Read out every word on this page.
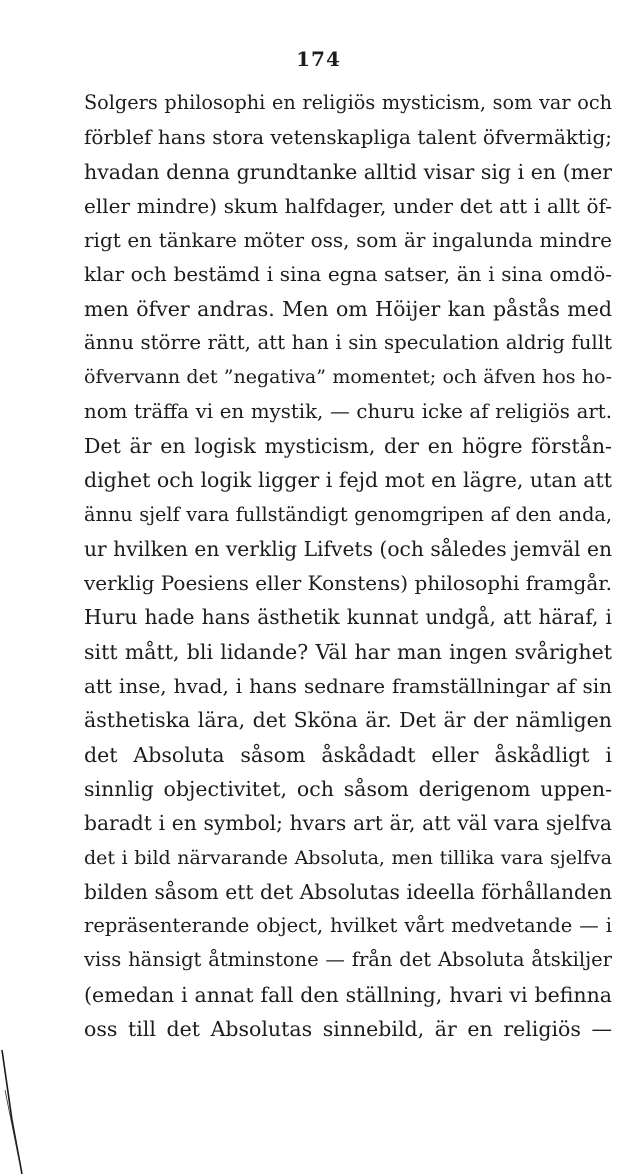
174
Solgers philosophi en religiös mysticism, som var och
förblef hans stora vetenskapliga talent öfvermäktig;
hvadan denna grundtanke alltid visar sig i en (mer
eller mindre) skum halfdager, under det att i allt öf-
rigt en tänkare möter oss, som är ingalunda mindre
klar och bestämd i sina egna satser, än i sina omdö-
men öfver andras. Men om Höijer kan påstås med
ännu större rätt, att han i sin speculation aldrig fullt
öfvervann det ”negativa” momentet; och äfven hos ho-
nom träffa vi en mystik, — churu icke af religiös art.
Det är en logisk mysticism, der en högre förstån-
dighet och logik ligger i fejd mot en lägre, utan att
ännu sjelf vara fullständigt genomgripen af den anda,
ur hvilken en verklig Lifvets (och således jemväl en
verklig Poesiens eller Konstens) philosophi framgår.
Huru hade hans ästhetik kunnat undgå, att häraf, i
sitt mått, bli lidande? Väl har man ingen svårighet
att inse, hvad, i hans sednare framställningar af sin
ästhetiska lära, det Sköna är. Det är der nämligen
det Absoluta såsom åskådadt eller åskådligt i
sinnlig objectivitet, och såsom derigenom uppen-
baradt i en symbol; hvars art är, att väl vara sjelfva
det i bild närvarande Absoluta, men tillika vara sjelfva
bilden såsom ett det Absolutas ideella förhållanden
repräsenterande object, hvilket vårt medvetande — i
viss hänsigt åtminstone — från det Absoluta åtskiljer
(emedan i annat fall den ställning, hvari vi befinna
oss till det Absolutas sinnebild, är en religiös —
